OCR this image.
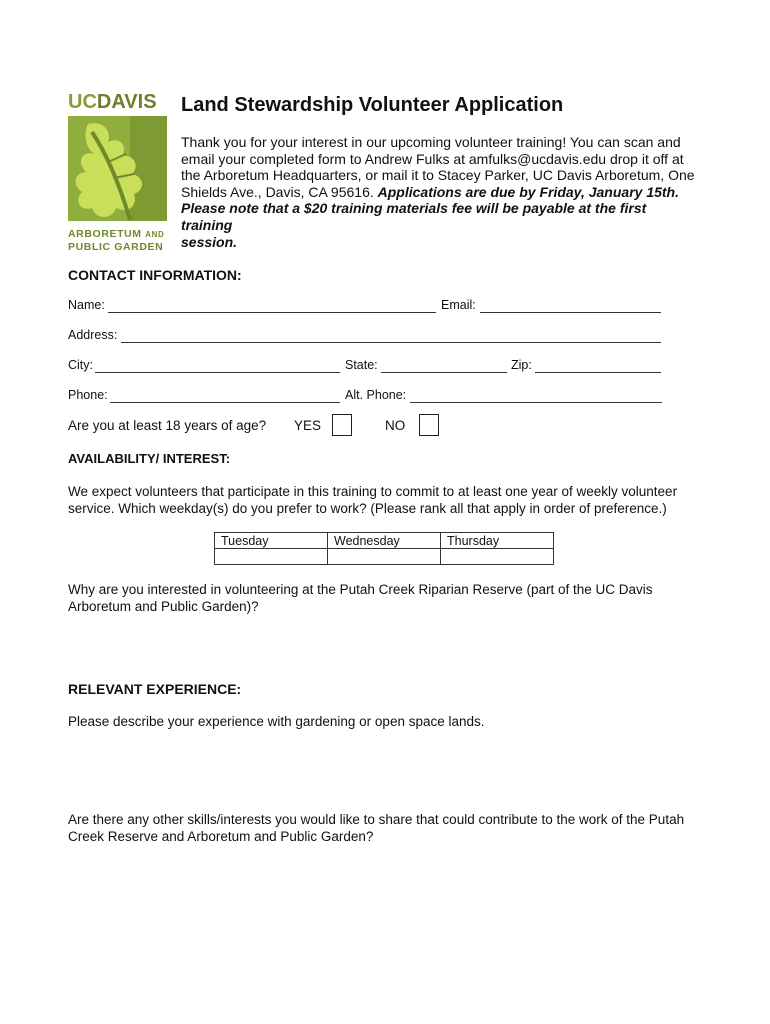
UCDAVIS
ARBORETUM AND
PUBLIC GARDEN
Land Stewardship Volunteer Application
Thank you for your interest in our upcoming volunteer training! You can scan and
email your completed form to Andrew Fulks at amfulks@ucdavis.edu drop it off at
the Arboretum Headquarters, or mail it to Stacey Parker, UC Davis Arboretum, One
Shields Ave., Davis, CA 95616. Applications are due by Friday, January 15th.
Please note that a $20 training materials fee will be payable at the first training
session.
CONTACT INFORMATION:
Name:	Email:
Address:
City:	State:	Zip:
Phone:	Alt. Phone:
Are you at least 18 years of age? YES	NO
AVAILABILITY/ INTEREST:
We expect volunteers that participate in this training to commit to at least one year of weekly volunteer
service. Which weekday(s) do you prefer to work? (Please rank all that apply in order of preference.)
Tuesday	Wednesday	Thursday

Why are you interested in volunteering at the Putah Creek Riparian Reserve (part of the UC Davis
Arboretum and Public Garden)?
RELEVANT EXPERIENCE:
Please describe your experience with gardening or open space lands.
Are there any other skills/interests you would like to share that could contribute to the work of the Putah
Creek Reserve and Arboretum and Public Garden?
